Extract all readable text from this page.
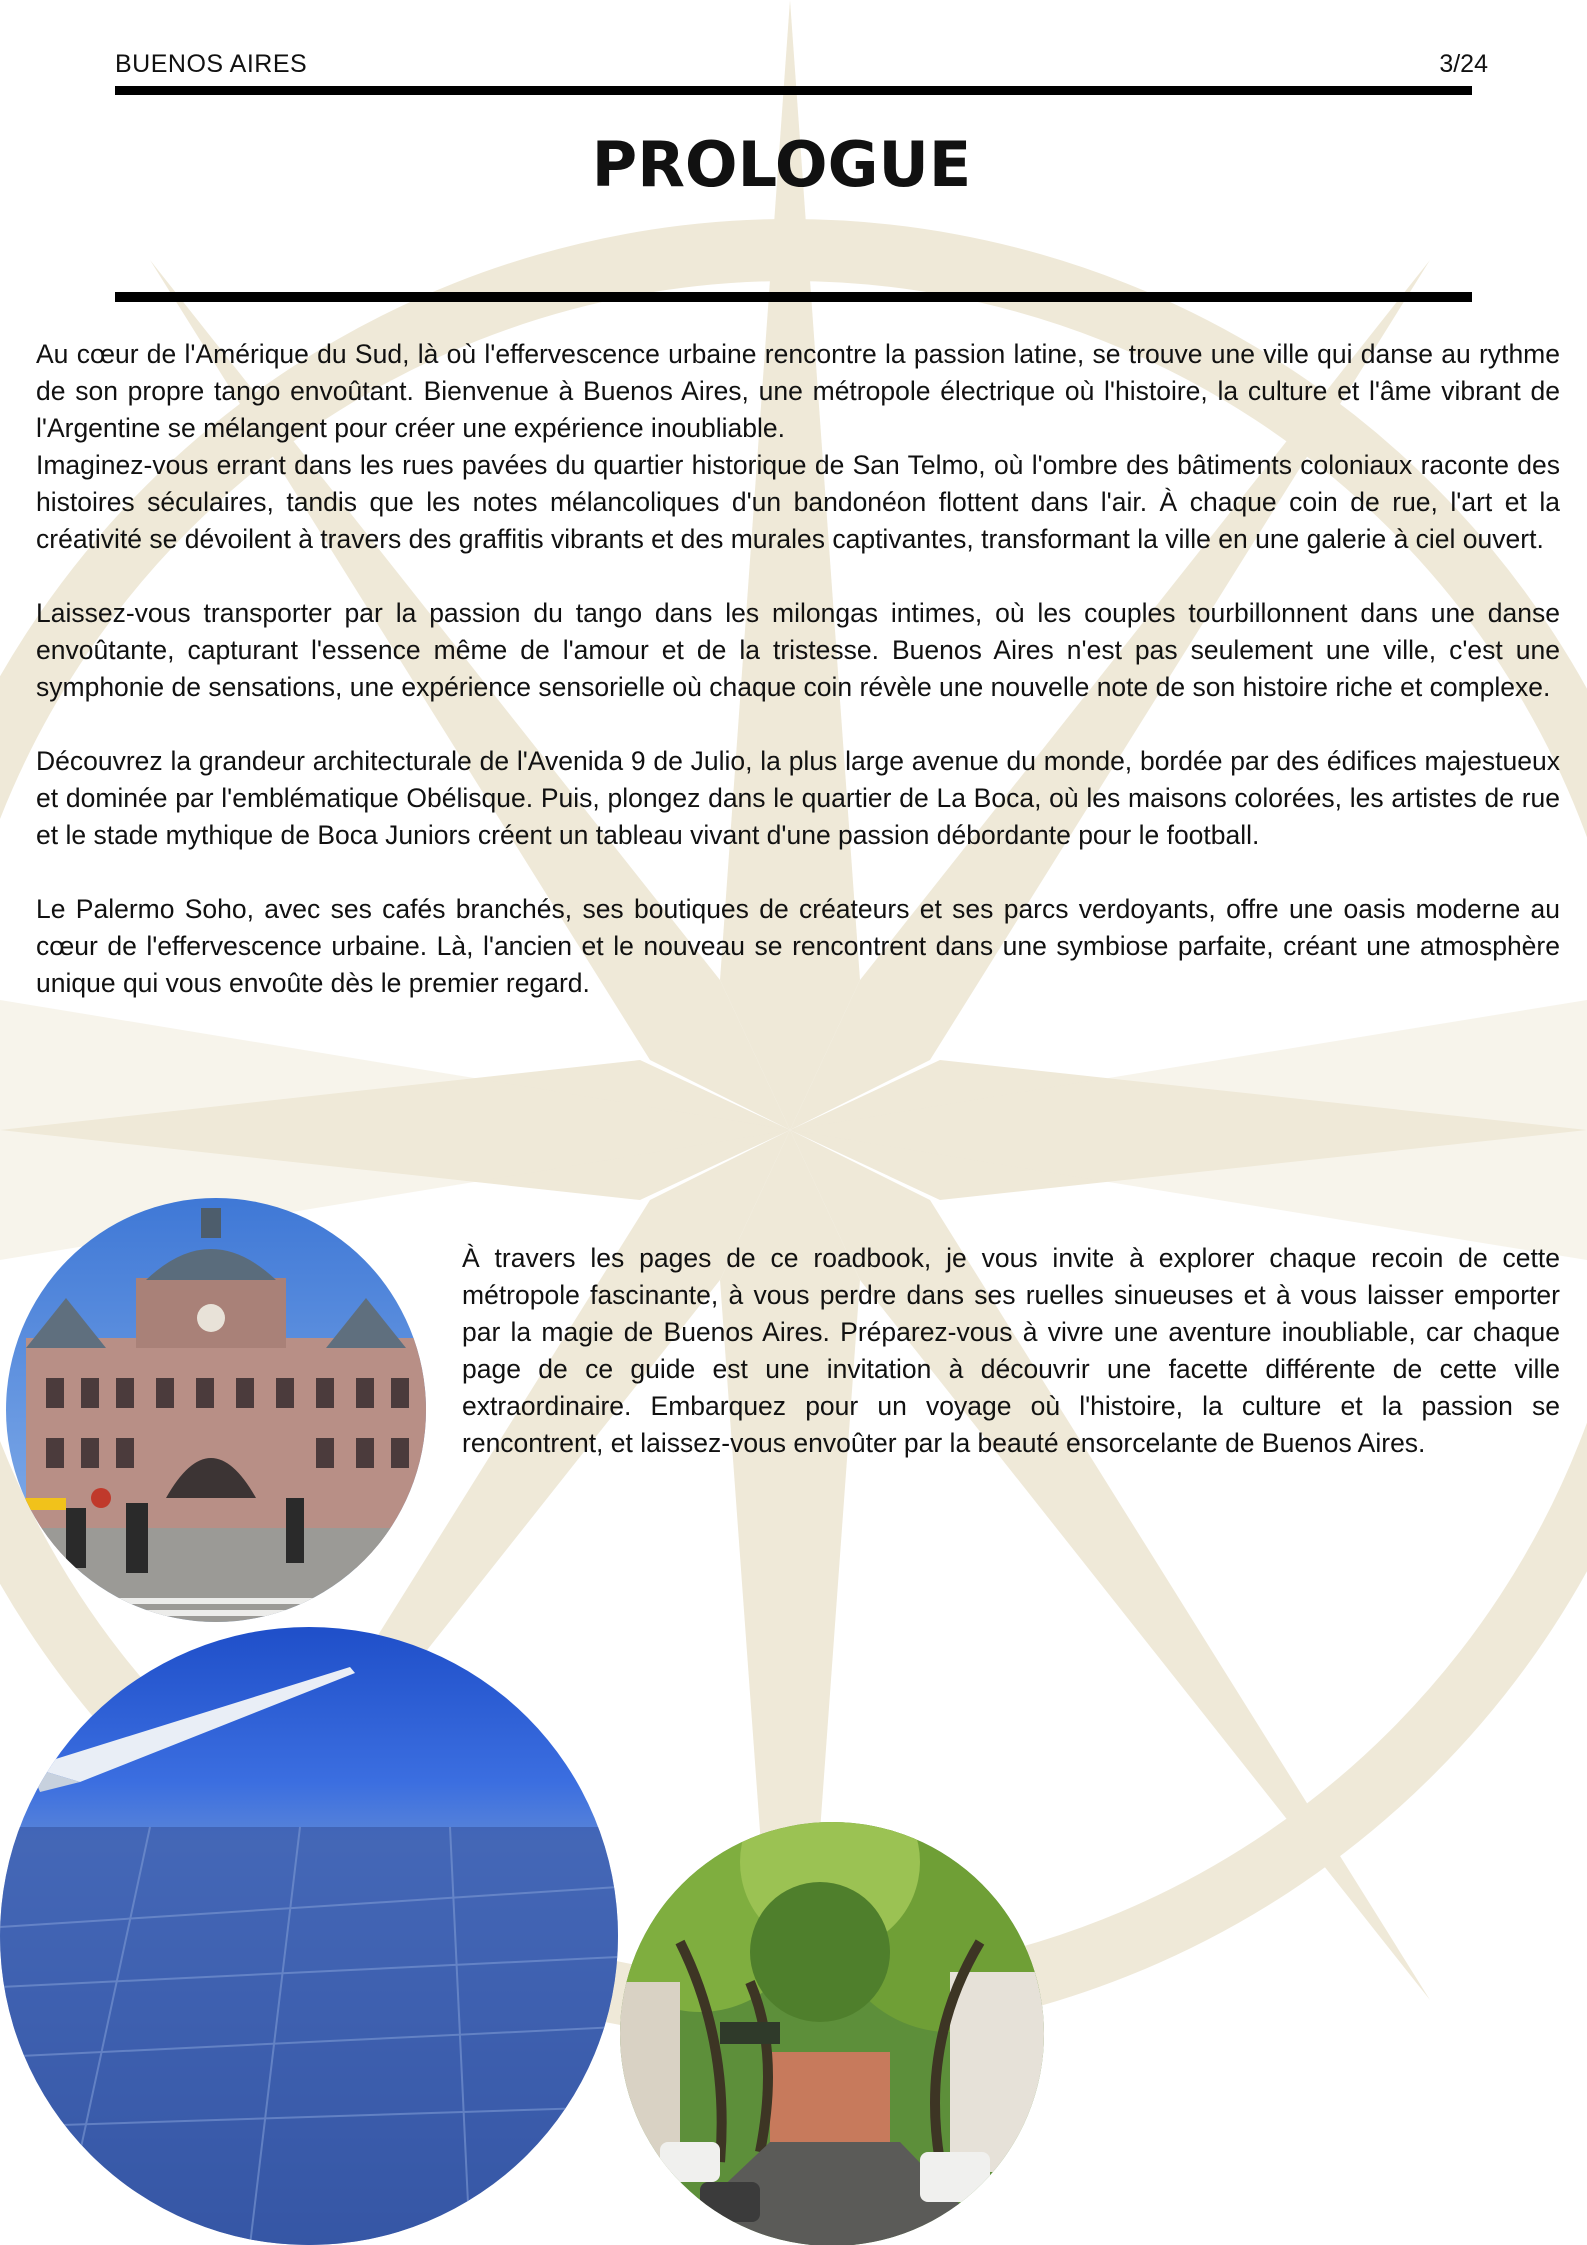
BUENOS AIRES	3/24
PROLOGUE

Au cœur de l'Amérique du Sud, là où l'effervescence urbaine rencontre la passion latine, se trouve une ville qui danse au rythme de son propre tango envoûtant. Bienvenue à Buenos Aires, une métropole électrique où l'histoire, la culture et l'âme vibrant de l'Argentine se mélangent pour créer une expérience inoubliable.

Imaginez-vous errant dans les rues pavées du quartier historique de San Telmo, où l'ombre des bâtiments coloniaux raconte des histoires séculaires, tandis que les notes mélancoliques d'un bandonéon flottent dans l'air. À chaque coin de rue, l'art et la créativité se dévoilent à travers des graffitis vibrants et des murales captivantes, transformant la ville en une galerie à ciel ouvert.

Laissez-vous transporter par la passion du tango dans les milongas intimes, où les couples tourbillonnent dans une danse envoûtante, capturant l'essence même de l'amour et de la tristesse. Buenos Aires n'est pas seulement une ville, c'est une symphonie de sensations, une expérience sensorielle où chaque coin révèle une nouvelle note de son histoire riche et complexe.

Découvrez la grandeur architecturale de l'Avenida 9 de Julio, la plus large avenue du monde, bordée par des édifices majestueux et dominée par l'emblématique Obélisque. Puis, plongez dans le quartier de La Boca, où les maisons colorées, les artistes de rue et le stade mythique de Boca Juniors créent un tableau vivant d'une passion débordante pour le football.

Le Palermo Soho, avec ses cafés branchés, ses boutiques de créateurs et ses parcs verdoyants, offre une oasis moderne au cœur de l'effervescence urbaine. Là, l'ancien et le nouveau se rencontrent dans une symbiose parfaite, créant une atmosphère unique qui vous envoûte dès le premier regard.

À travers les pages de ce roadbook, je vous invite à explorer chaque recoin de cette métropole fascinante, à vous perdre dans ses ruelles sinueuses et à vous laisser emporter par la magie de Buenos Aires. Préparez-vous à vivre une aventure inoubliable, car chaque page de ce guide est une invitation à découvrir une facette différente de cette ville extraordinaire. Embarquez pour un voyage où l'histoire, la culture et la passion se rencontrent, et laissez-vous envoûter par la beauté ensorcelante de Buenos Aires.
